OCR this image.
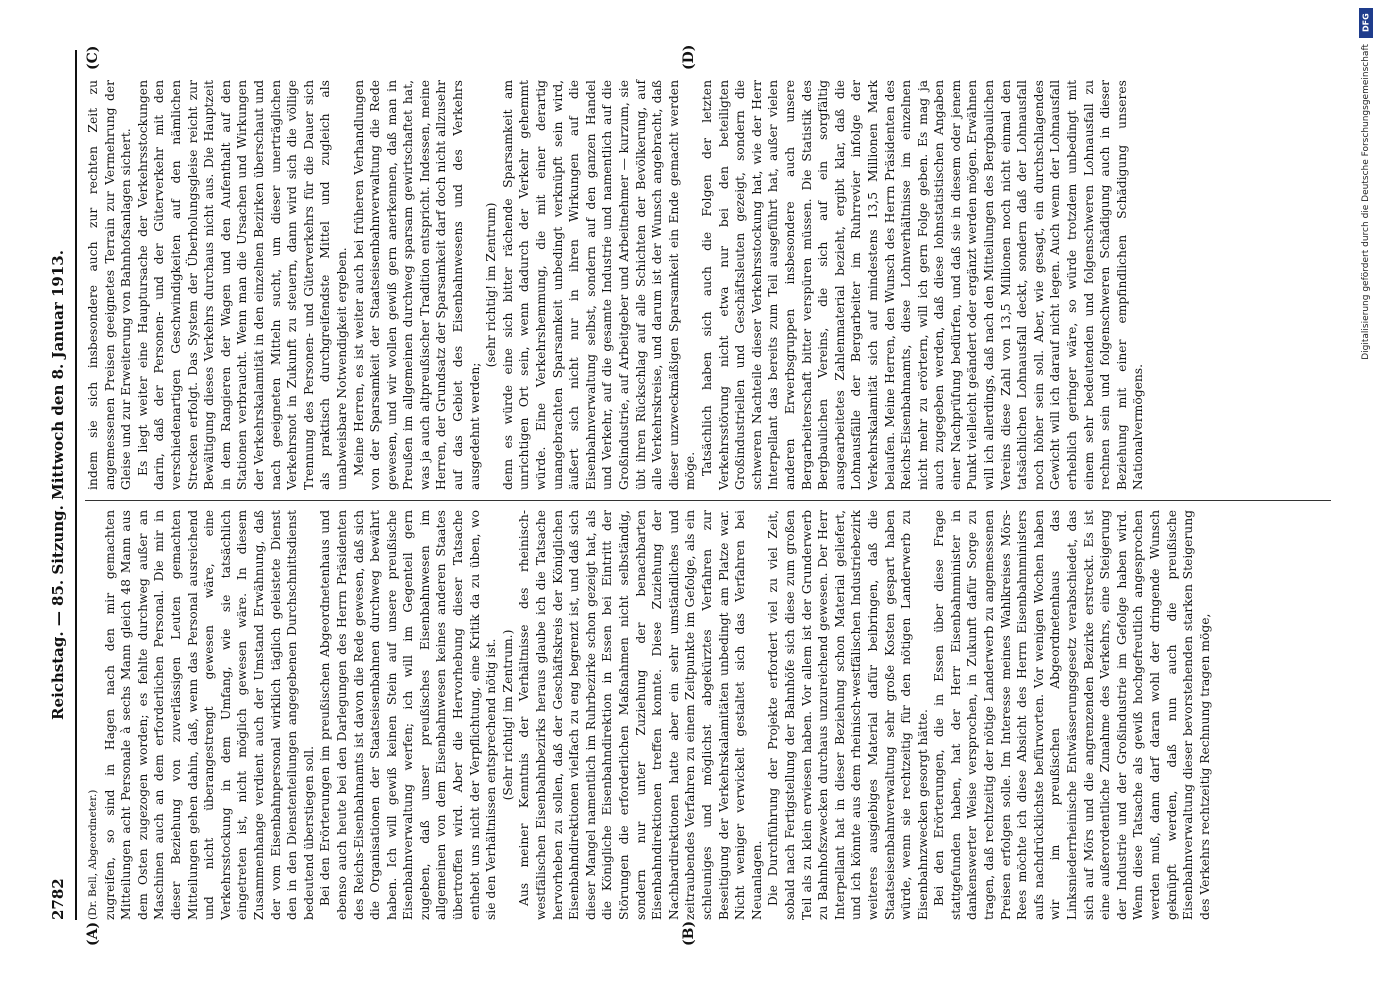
2782
Reichstag. — 85. Sitzung. Mittwoch den 8. Januar 1913.
(A)	(B)
(C)	(D)

(Dr. Bell, Abgeordneter.) zugreifen, so sind in Hagen nach den mir gemachten Mitteilungen acht Personale à sechs Mann gleich 48 Mann aus dem Osten zugezogen worden; es fehlte durchweg außer an Maschinen auch an dem erforderlichen Personal. Die mir in dieser Beziehung von zuverlässigen Leuten gemachten Mitteilungen gehen dahin, daß, wenn das Personal ausreichend und nicht überangestrengt gewesen wäre, eine Verkehrsstockung in dem Umfang, wie sie tatsächlich eingetreten ist, nicht möglich gewesen wäre. In diesem Zusammenhange verdient auch der Umstand Erwähnung, daß der vom Eisenbahnpersonal wirklich täglich geleistete Dienst den in den Dienstenteilungen angegebenen Durchschnittsdienst bedeutend überstiegen soll. Bei den Erörterungen im preußischen Abgeordnetenhaus und ebenso auch heute bei den Darlegungen des Herrn Präsidenten des Reichs-Eisenbahnamts ist davon die Rede gewesen, daß sich die Organisationen der Staatseisenbahnen durchweg bewährt haben. Ich will gewiß keinen Stein auf unsere preußische Eisenbahnverwaltung werfen; ich will im Gegenteil gern zugeben, daß unser preußisches Eisenbahnwesen im allgemeinen von dem Eisenbahnwesen keines anderen Staates übertroffen wird. Aber die Hervorhebung dieser Tatsache enthebt uns nicht der Verpflichtung, eine Kritik da zu üben, wo sie den Verhältnissen entsprechend nötig ist. (Sehr richtig! im Zentrum.) Aus meiner Kenntnis der Verhältnisse des rheinisch-westfälischen Eisenbahnbezirks heraus glaube ich die Tatsache hervorheben zu sollen, daß der Geschäftskreis der Königlichen Eisenbahndirektionen vielfach zu eng begrenzt ist, und daß sich dieser Mangel namentlich im Ruhrbezirke schon gezeigt hat, als die Königliche Eisenbahndirektion in Essen bei Eintritt der Störungen die erforderlichen Maßnahmen nicht selbständig, sondern nur unter Zuziehung der benachbarten Eisenbahndirektionen treffen konnte. Diese Zuziehung der Nachbardirektionen hatte aber ein sehr umständliches und zeitraubendes Verfahren zu einem Zeitpunkte im Gefolge, als ein schleuniges und möglichst abgekürztes Verfahren zur Beseitigung der Verkehrskalamitäten unbedingt am Platze war. Nicht weniger verwickelt gestaltet sich das Verfahren bei Neuanlagen. Die Durchführung der Projekte erfordert viel zu viel Zeit, sobald nach Fertigstellung der Bahnhöfe sich diese zum großen Teil als zu klein erwiesen haben. Vor allem ist der Grunderwerb zu Bahnhofszwecken durchaus unzureichend gewesen. Der Herr Interpellant hat in dieser Beziehung schon Material geliefert, und ich könnte aus dem rheinisch-westfälischen Industriebezirk weiteres ausgiebiges Material dafür beibringen, daß die Staatseisenbahnverwaltung sehr große Kosten gespart haben würde, wenn sie rechtzeitig für den nötigen Landerwerb zu Eisenbahnzwecken gesorgt hätte. Bei den Erörterungen, die in Essen über diese Frage stattgefunden haben, hat der Herr Eisenbahnminister in dankenswerter Weise versprochen, in Zukunft dafür Sorge zu tragen, daß rechtzeitig der nötige Landerwerb zu angemessenen Preisen erfolgen solle. Im Interesse meines Wahlkreises Mörs-Rees möchte ich diese Absicht des Herrn Eisenbahnministers aufs nachdrücklichste befürworten. Vor wenigen Wochen haben wir im preußischen Abgeordnetenhaus das Linksniederrheinische Entwässerungsgesetz verabschiedet, das sich auf Mörs und die angrenzenden Bezirke erstreckt. Es ist eine außerordentliche Zunahme des Verkehrs, eine Steigerung der Industrie und der Großindustrie im Gefolge haben wird. Wenn diese Tatsache als gewiß hochgefreutlich angesprochen werden muß, dann darf daran wohl der dringende Wunsch geknüpft werden, daß nun auch die preußische Eisenbahnverwaltung dieser bevorstehenden starken Steigerung des Verkehrs rechtzeitig Rechnung tragen möge,

indem sie sich insbesondere auch zur rechten Zeit zu angemessenen Preisen geeignetes Terrain zur Vermehrung der Gleise und zur Erweiterung von Bahnhofsanlagen sichert. Es liegt weiter eine Hauptursache der Verkehrsstockungen darin, daß der Personen- und der Güterverkehr mit den verschiedenartigen Geschwindigkeiten auf den nämlichen Strecken erfolgt. Das System der Überholungsgleise reicht zur Bewältigung dieses Verkehrs durchaus nicht aus. Die Hauptzeit in dem Rangieren der Wagen und den Aufenthalt auf den Stationen verbraucht. Wenn man die Ursachen und Wirkungen der Verkehrskalamität in den einzelnen Bezirken überschaut und nach geeigneten Mitteln sucht, um dieser unerträglichen Verkehrsnot in Zukunft zu steuern, dann wird sich die völlige Trennung des Personen- und Güterverkehrs für die Dauer sich als praktisch durchgreifendste Mittel und zugleich als unabweisbare Notwendigkeit ergeben. Meine Herren, es ist weiter auch bei früheren Verhandlungen von der Sparsamkeit der Staatseisenbahnverwaltung die Rede gewesen, und wir wollen gewiß gern anerkennen, daß man in Preußen im allgemeinen durchweg sparsam gewirtschaftet hat, was ja auch altpreußischer Tradition entspricht. Indessen, meine Herren, der Grundsatz der Sparsamkeit darf doch nicht allzusehr auf das Gebiet des Eisenbahnwesens und des Verkehrs ausgedehnt werden;

(sehr richtig! im Zentrum) denn es würde eine sich bitter rächende Sparsamkeit am unrichtigen Ort sein, wenn dadurch der Verkehr gehemmt würde. Eine Verkehrshemmung, die mit einer derartig unangebrachten Sparsamkeit unbedingt verknüpft sein wird, äußert sich nicht nur in ihren Wirkungen auf die Eisenbahnverwaltung selbst, sondern auf den ganzen Handel und Verkehr, auf die gesamte Industrie und namentlich auf die Großindustrie, auf Arbeitgeber und Arbeitnehmer — kurzum, sie übt ihren Rückschlag auf alle Schichten der Bevölkerung, auf alle Verkehrskreise, und darum ist der Wunsch angebracht, daß dieser unzweckmäßigen Sparsamkeit ein Ende gemacht werden möge. Tatsächlich haben sich auch die Folgen der letzten Verkehrsstörung nicht etwa nur bei den beteiligten Großindustriellen und Geschäftsleuten gezeigt, sondern die schweren Nachteile dieser Verkehrsstockung hat, wie der Herr Interpellant das bereits zum Teil ausgeführt hat, außer vielen anderen Erwerbsgruppen insbesondere auch unsere Bergarbeiterschaft bitter verspüren müssen. Die Statistik des Bergbaulichen Vereins, die sich auf ein sorgfältig ausgearbeitetes Zahlenmaterial bezieht, ergibt klar, daß die Lohnausfälle der Bergarbeiter im Ruhrrevier infolge der Verkehrskalamität sich auf mindestens 13,5 Millionen Mark belaufen. Meine Herren, den Wunsch des Herrn Präsidenten des Reichs-Eisenbahnamts, diese Lohnverhältnisse im einzelnen nicht mehr zu erörtern, will ich gern Folge geben. Es mag ja auch zugegeben werden, daß diese lohnstatistischen Angaben einer Nachprüfung bedürfen, und daß sie in diesem oder jenem Punkt vielleicht geändert oder ergänzt werden mögen. Erwähnen will ich allerdings, daß nach den Mitteilungen des Bergbaulichen Vereins diese Zahl von 13,5 Millionen noch nicht einmal den tatsächlichen Lohnausfall deckt, sondern daß der Lohnausfall noch höher sein soll. Aber, wie gesagt, ein durchschlagendes Gewicht will ich darauf nicht legen. Auch wenn der Lohnausfall erheblich geringer wäre, so würde trotzdem unbedingt mit einem sehr bedeutenden und folgenschweren Lohnausfall zu rechnen sein und folgenschweren Schädigung auch in dieser Beziehung mit einer empfindlichen Schädigung unseres Nationalvermögens.

DFG
Digitalisierung gefördert durch die Deutsche Forschungsgemeinschaft
